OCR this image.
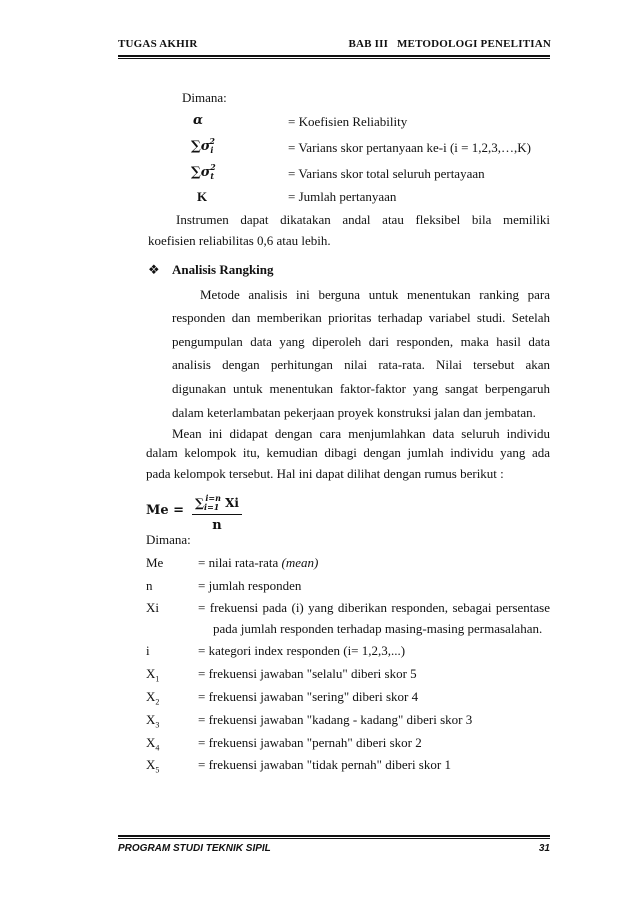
TUGAS AKHIR	BAB III   METODOLOGI PENELITIAN
Dimana:
α	= Koefisien Reliability
$\sum\sigma_i^2$	= Varians skor pertanyaan ke-i (i = 1,2,3,…,K)
$\sum\sigma_t^2$	= Varians skor total seluruh pertayaan
K	= Jumlah pertanyaan
Instrumen dapat dikatakan andal atau fleksibel bila memiliki
koefisien reliabilitas 0,6 atau lebih.
❖ Analisis Rangking
Metode analisis ini berguna untuk menentukan ranking para
responden dan memberikan prioritas terhadap variabel studi. Setelah
pengumpulan data yang diperoleh dari responden, maka hasil data
analisis dengan perhitungan nilai rata-rata. Nilai tersebut akan
digunakan untuk menentukan faktor-faktor yang sangat berpengaruh
dalam keterlambatan pekerjaan proyek konstruksi jalan dan jembatan.
Mean ini didapat dengan cara menjumlahkan data seluruh individu
dalam kelompok itu, kemudian dibagi dengan jumlah individu yang ada
pada kelompok tersebut. Hal ini dapat dilihat dengan rumus berikut :
$Me = \sum_{i=1}^{i=n}$ Xi
n
Dimana:
Me	= nilai rata-rata (mean)
n	= jumlah responden
Xi	= frekuensi pada (i) yang diberikan responden, sebagai persentase
pada jumlah responden terhadap masing-masing permasalahan.
i	= kategori index responden (i= 1,2,3,...)
$X_1$	= frekuensi jawaban "selalu" diberi skor 5
$X_2$	= frekuensi jawaban "sering" diberi skor 4
$X_3$	= frekuensi jawaban "kadang - kadang" diberi skor 3
$X_4$	= frekuensi jawaban "pernah" diberi skor 2
$X_5$	= frekuensi jawaban "tidak pernah" diberi skor 1
PROGRAM STUDI TEKNIK SIPIL	31
